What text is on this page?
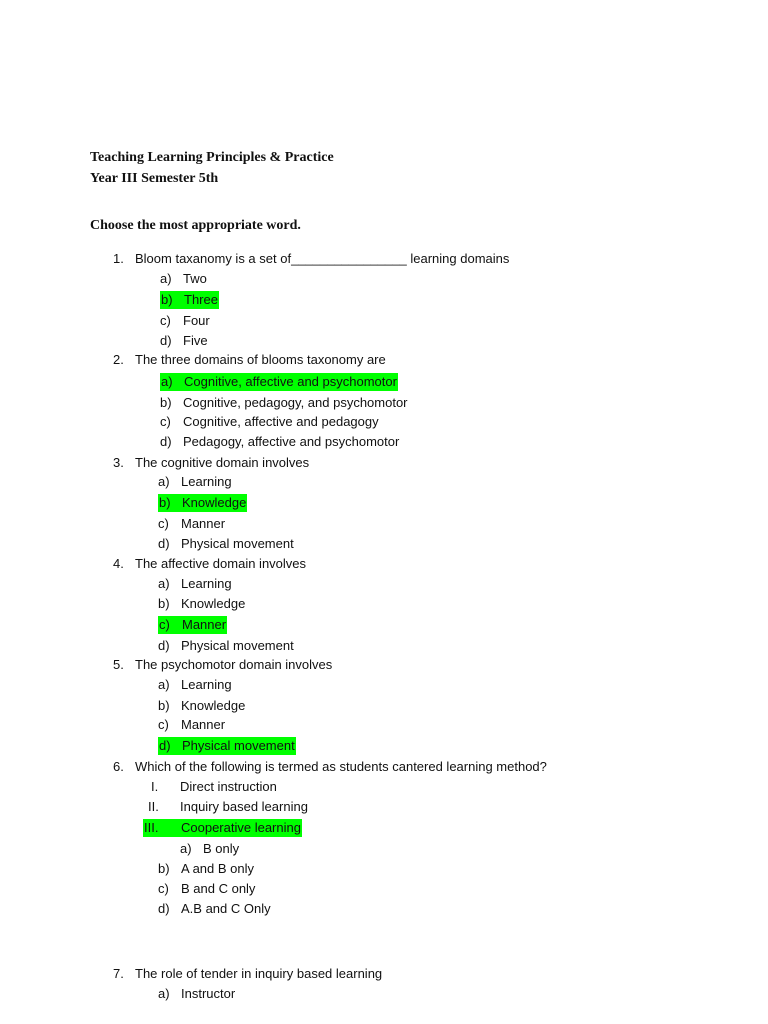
Teaching Learning Principles & Practice
Year III Semester 5th
Choose the most appropriate word.
1. Bloom taxanomy is a set of________________ learning domains
a) Two
b) Three
c) Four
d) Five
2. The three domains of blooms taxonomy are
a) Cognitive, affective and psychomotor
b) Cognitive, pedagogy, and psychomotor
c) Cognitive, affective and pedagogy
d) Pedagogy, affective and psychomotor
3. The cognitive domain involves
a) Learning
b) Knowledge
c) Manner
d) Physical movement
4. The affective domain involves
a) Learning
b) Knowledge
c) Manner
d) Physical movement
5. The psychomotor domain involves
a) Learning
b) Knowledge
c) Manner
d) Physical movement
6. Which of the following is termed as students cantered learning method?
I. Direct instruction
II. Inquiry based learning
III. Cooperative learning
a) B only
b) A and B only
c) B and C only
d) A.B and C Only
7. The role of tender in inquiry based learning
a) Instructor
